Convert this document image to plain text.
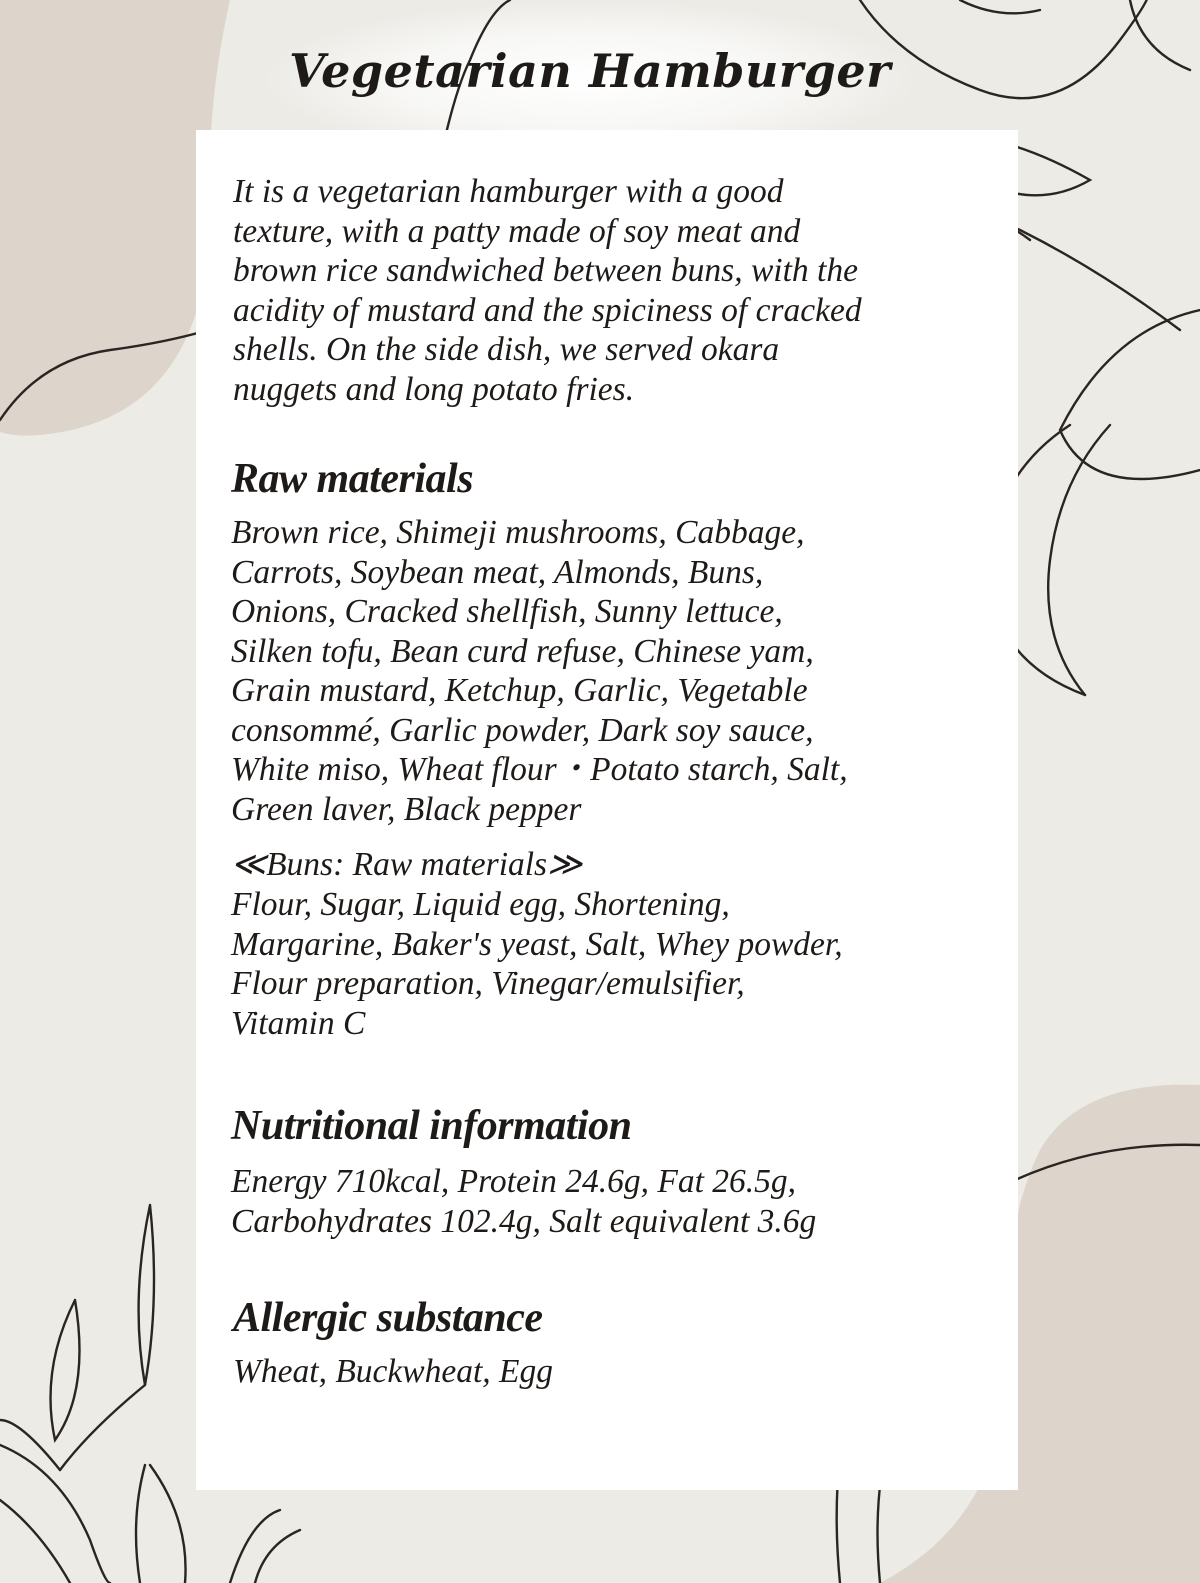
Vegetarian Hamburger

It is a vegetarian hamburger with a good
texture, with a patty made of soy meat and
brown rice sandwiched between buns, with the
acidity of mustard and the spiciness of cracked
shells. On the side dish, we served okara
nuggets and long potato fries.

Raw materials

Brown rice, Shimeji mushrooms, Cabbage,
Carrots, Soybean meat, Almonds, Buns,
Onions, Cracked shellfish, Sunny lettuce,
Silken tofu, Bean curd refuse, Chinese yam,
Grain mustard, Ketchup, Garlic, Vegetable
consommé, Garlic powder, Dark soy sauce,
White miso, Wheat flour・Potato starch, Salt,
Green laver, Black pepper

≪Buns: Raw materials≫

Flour, Sugar, Liquid egg, Shortening,
Margarine, Baker's yeast, Salt, Whey powder,
Flour preparation, Vinegar/emulsifier,
Vitamin C

Nutritional information

Energy 710kcal, Protein 24.6g, Fat 26.5g,
Carbohydrates 102.4g, Salt equivalent 3.6g

Allergic substance

Wheat, Buckwheat, Egg
